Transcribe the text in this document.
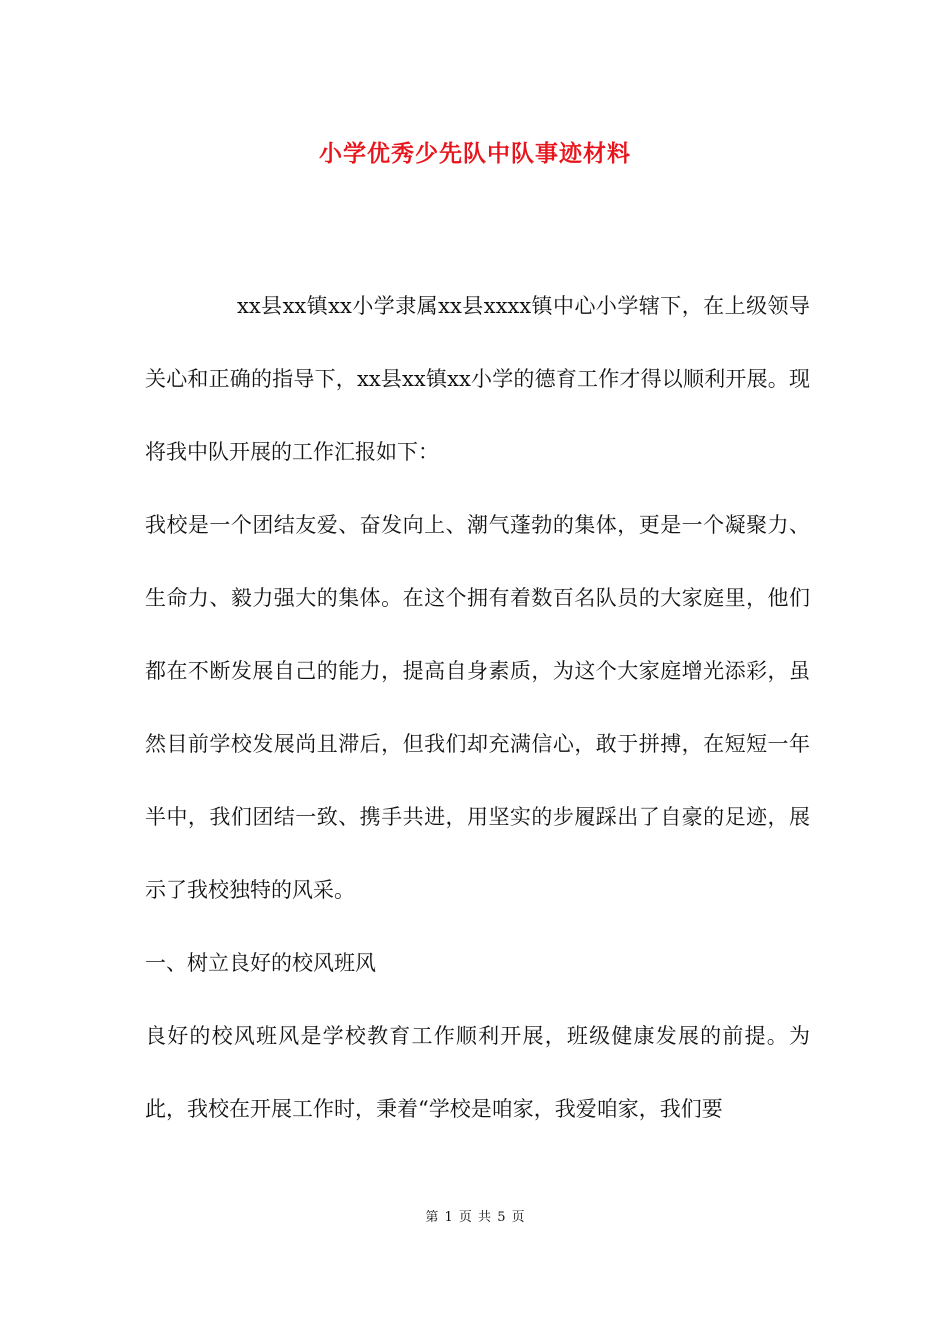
小学优秀少先队中队事迹材料

xx县xx镇xx小学隶属xx县xxxx镇中心小学辖下，在上级领导关心和正确的指导下，xx县xx镇xx小学的德育工作才得以顺利开展。现将我中队开展的工作汇报如下：

我校是一个团结友爱、奋发向上、潮气蓬勃的集体，更是一个凝聚力、生命力、毅力强大的集体。在这个拥有着数百名队员的大家庭里，他们都在不断发展自己的能力，提高自身素质，为这个大家庭增光添彩，虽然目前学校发展尚且滞后，但我们却充满信心，敢于拼搏，在短短一年半中，我们团结一致、携手共进，用坚实的步履踩出了自豪的足迹，展示了我校独特的风采。

一、树立良好的校风班风

良好的校风班风是学校教育工作顺利开展，班级健康发展的前提。为此，我校在开展工作时，秉着“学校是咱家，我爱咱家，我们要

第 1 页 共 5 页
